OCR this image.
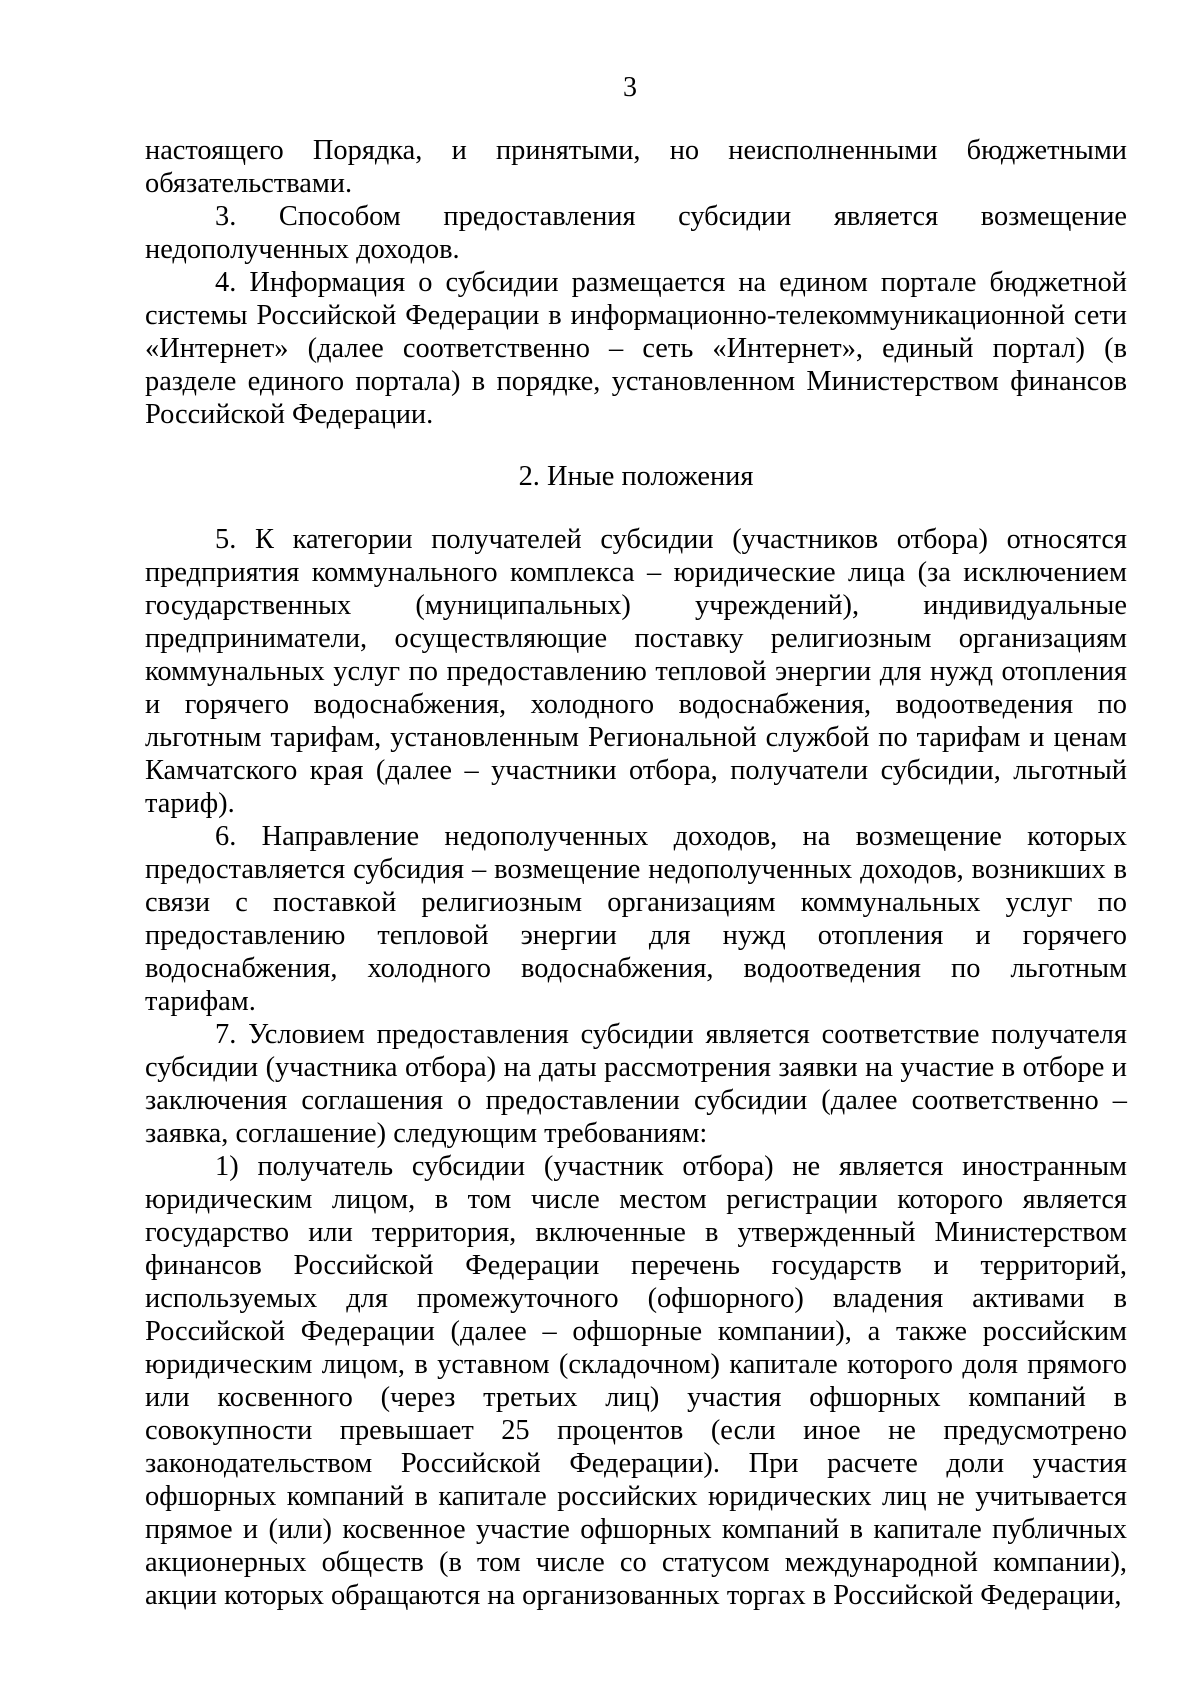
3

настоящего Порядка, и принятыми, но неисполненными бюджетными обязательствами.

3. Способом предоставления субсидии является возмещение недополученных доходов.

4. Информация о субсидии размещается на едином портале бюджетной системы Российской Федерации в информационно-телекоммуникационной сети «Интернет» (далее соответственно – сеть «Интернет», единый портал) (в разделе единого портала) в порядке, установленном Министерством финансов Российской Федерации.

2. Иные положения

5. К категории получателей субсидии (участников отбора) относятся предприятия коммунального комплекса – юридические лица (за исключением государственных (муниципальных) учреждений), индивидуальные предприниматели, осуществляющие поставку религиозным организациям коммунальных услуг по предоставлению тепловой энергии для нужд отопления и горячего водоснабжения, холодного водоснабжения, водоотведения по льготным тарифам, установленным Региональной службой по тарифам и ценам Камчатского края (далее – участники отбора, получатели субсидии, льготный тариф).

6. Направление недополученных доходов, на возмещение которых предоставляется субсидия – возмещение недополученных доходов, возникших в связи с поставкой религиозным организациям коммунальных услуг по предоставлению тепловой энергии для нужд отопления и горячего водоснабжения, холодного водоснабжения, водоотведения по льготным тарифам.

7. Условием предоставления субсидии является соответствие получателя субсидии (участника отбора) на даты рассмотрения заявки на участие в отборе и заключения соглашения о предоставлении субсидии (далее соответственно – заявка, соглашение) следующим требованиям:

1) получатель субсидии (участник отбора) не является иностранным юридическим лицом, в том числе местом регистрации которого является государство или территория, включенные в утвержденный Министерством финансов Российской Федерации перечень государств и территорий, используемых для промежуточного (офшорного) владения активами в Российской Федерации (далее – офшорные компании), а также российским юридическим лицом, в уставном (складочном) капитале которого доля прямого или косвенного (через третьих лиц) участия офшорных компаний в совокупности превышает 25 процентов (если иное не предусмотрено законодательством Российской Федерации). При расчете доли участия офшорных компаний в капитале российских юридических лиц не учитывается прямое и (или) косвенное участие офшорных компаний в капитале публичных акционерных обществ (в том числе со статусом международной компании), акции которых обращаются на организованных торгах в Российской Федерации,
